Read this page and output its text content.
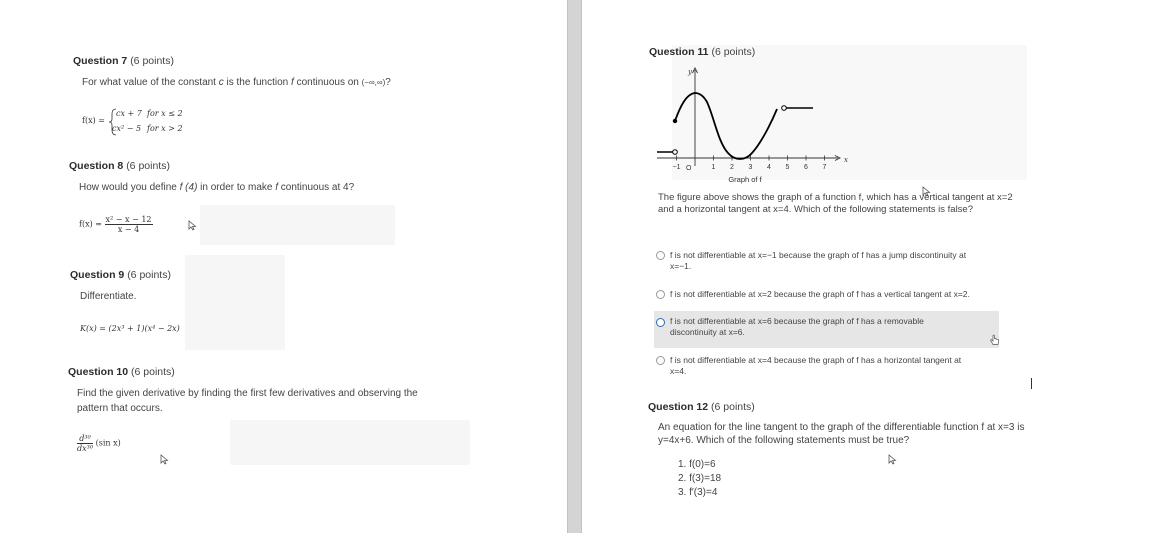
Question 7 (6 points)
For what value of the constant c is the function f continuous on (−∞,∞)?
f(x) =
cx + 7 for x ≤ 2
cx² − 5 for x > 2
Question 8 (6 points)
How would you define f (4) in order to make f continuous at 4?
$f(x) = \frac{\text{x² − x − 12}}{x - 4}$
Question 9 (6 points)
Differentiate.
K(x) = (2x³ + 1)(x⁴ − 2x)
Question 10 (6 points)
Find the given derivative by finding the first few derivatives and observing the
pattern that occurs.
$\frac{\text{d³⁰}}{\text{dx³⁰}} (\sin$ x)
Question 11 (6 points)
y
x
O
−1	1 2 3 4 5 6 7
Graph of f
The figure above shows the graph of a function f, which has a vertical tangent at x=2
and a horizontal tangent at x=4. Which of the following statements is false?
f is not differentiable at x=−1 because the graph of f has a jump discontinuity at
x=−1.
f is not differentiable at x=2 because the graph of f has a vertical tangent at x=2.
f is not differentiable at x=6 because the graph of f has a removable
discontinuity at x=6.
f is not differentiable at x=4 because the graph of f has a horizontal tangent at
x=4.
Question 12 (6 points)
An equation for the line tangent to the graph of the differentiable function f at x=3 is
y=4x+6. Which of the following statements must be true?
1. f(0)=6
2. f(3)=18
3. f′(3)=4
